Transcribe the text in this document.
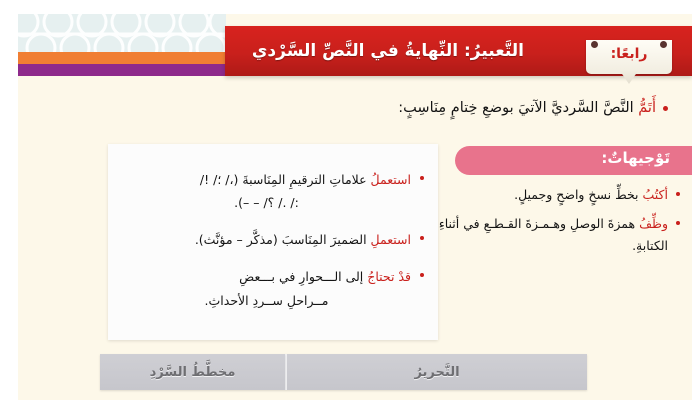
التَّعبيرُ: النِّهايةُ في النَّصِّ السَّرْدي	رابعًا:
أَتَمُّ النَّصَّ السَّرديَّ الآتيَ بوضعِ خِتامٍ مِنَاسِبٍ:
تَوْجيهاتٌ:
أكتُبُ بخطِّ نسخٍ واضحٍ وجميلٍ.
وظِّفُ همزةَ الوصلِ وهـمـزةَ القـطـعِ في أثناءِ الكتابةِ.
استعملُ علاماتِ الترقيمِ المِنَاسبةَ (،/ ؛/ !/
:/ ./ ؟/ – –).
استعملِ الضميرَ المِنَاسبَ (مذكَّر – مؤنَّث).
قدْ تحتاجُ إلى الـــحوارِ في بـــعضِ
مــراحلِ ســردِ الأحداثِ.
التَّحريرُ
مخطَّطُ السَّرْدِ
